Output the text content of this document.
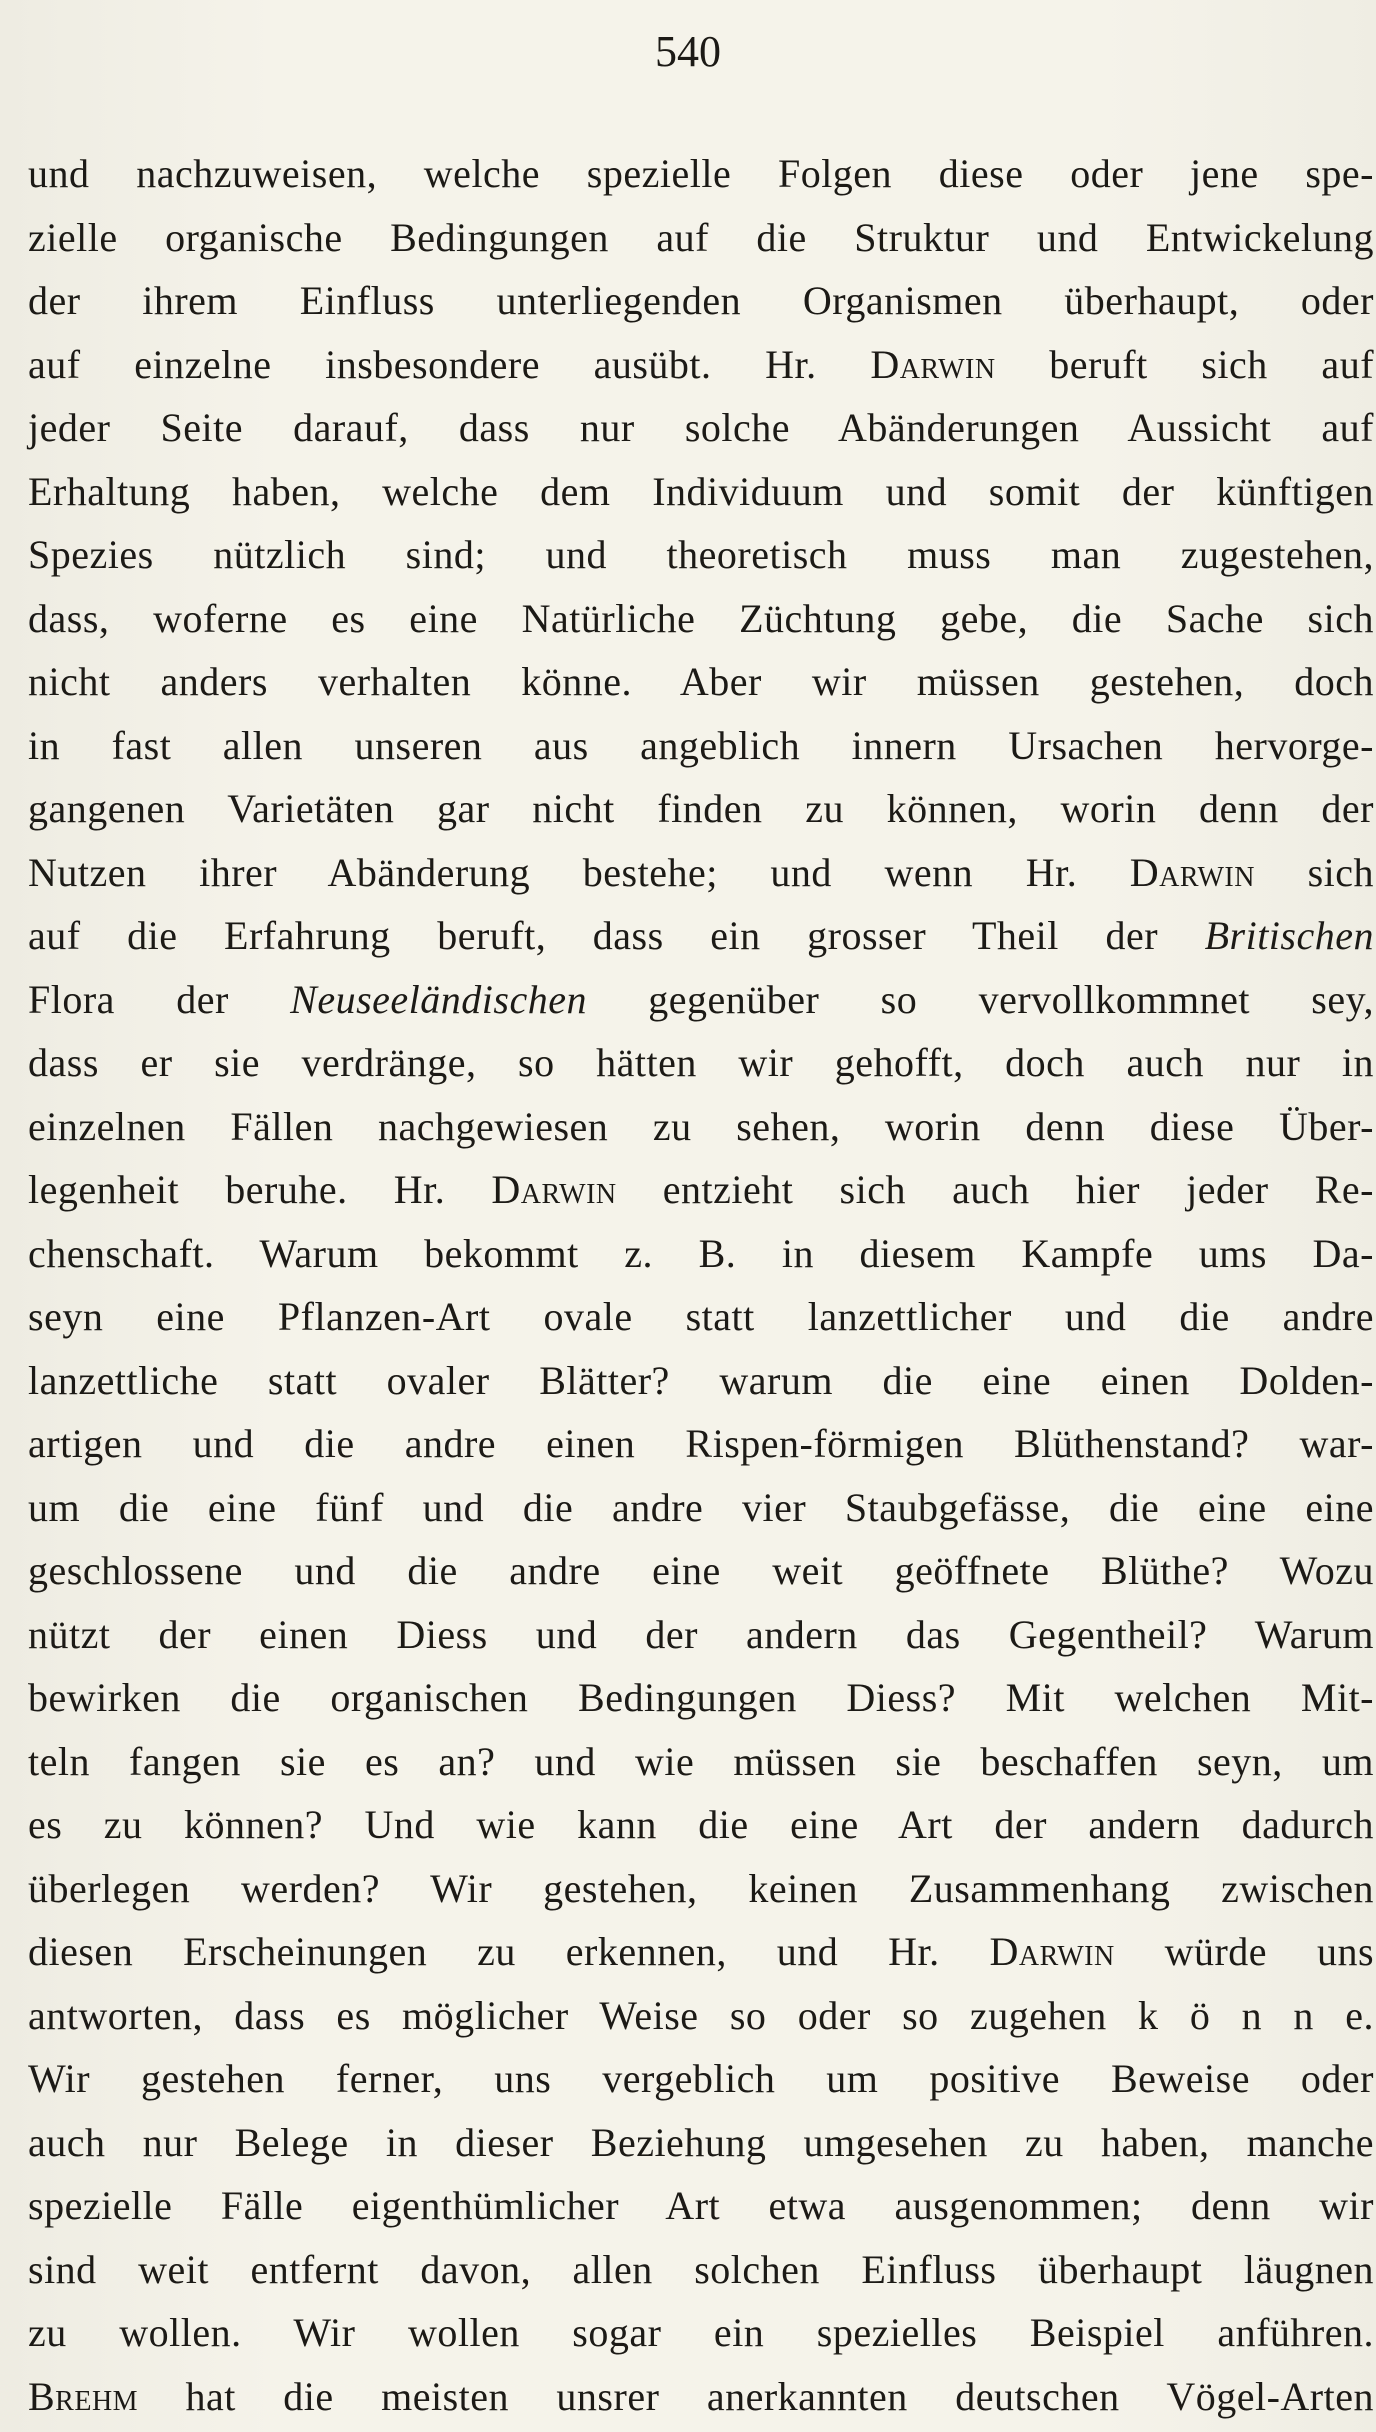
540
und nachzuweisen, welche spezielle Folgen diese oder jene spe-
zielle organische Bedingungen auf die Struktur und Entwickelung
der ihrem Einfluss unterliegenden Organismen überhaupt, oder
auf einzelne insbesondere ausübt. Hr. Darwin beruft sich auf
jeder Seite darauf, dass nur solche Abänderungen Aussicht auf
Erhaltung haben, welche dem Individuum und somit der künftigen
Spezies nützlich sind; und theoretisch muss man zugestehen,
dass, woferne es eine Natürliche Züchtung gebe, die Sache sich
nicht anders verhalten könne. Aber wir müssen gestehen, doch
in fast allen unseren aus angeblich innern Ursachen hervorge-
gangenen Varietäten gar nicht finden zu können, worin denn der
Nutzen ihrer Abänderung bestehe; und wenn Hr. Darwin sich
auf die Erfahrung beruft, dass ein grosser Theil der Britischen
Flora der Neuseeländischen gegenüber so vervollkommnet sey,
dass er sie verdränge, so hätten wir gehofft, doch auch nur in
einzelnen Fällen nachgewiesen zu sehen, worin denn diese Über-
legenheit beruhe. Hr. Darwin entzieht sich auch hier jeder Re-
chenschaft. Warum bekommt z. B. in diesem Kampfe ums Da-
seyn eine Pflanzen-Art ovale statt lanzettlicher und die andre
lanzettliche statt ovaler Blätter? warum die eine einen Dolden-
artigen und die andre einen Rispen-förmigen Blüthenstand? war-
um die eine fünf und die andre vier Staubgefässe, die eine eine
geschlossene und die andre eine weit geöffnete Blüthe? Wozu
nützt der einen Diess und der andern das Gegentheil? Warum
bewirken die organischen Bedingungen Diess? Mit welchen Mit-
teln fangen sie es an? und wie müssen sie beschaffen seyn, um
es zu können? Und wie kann die eine Art der andern dadurch
überlegen werden? Wir gestehen, keinen Zusammenhang zwischen
diesen Erscheinungen zu erkennen, und Hr. Darwin würde uns
antworten, dass es möglicher Weise so oder so zugehen k ö n n e.
Wir gestehen ferner, uns vergeblich um positive Beweise oder
auch nur Belege in dieser Beziehung umgesehen zu haben, manche
spezielle Fälle eigenthümlicher Art etwa ausgenommen; denn wir
sind weit entfernt davon, allen solchen Einfluss überhaupt läugnen
zu wollen. Wir wollen sogar ein spezielles Beispiel anführen.
Brehm hat die meisten unsrer anerkannten deutschen Vögel-Arten
